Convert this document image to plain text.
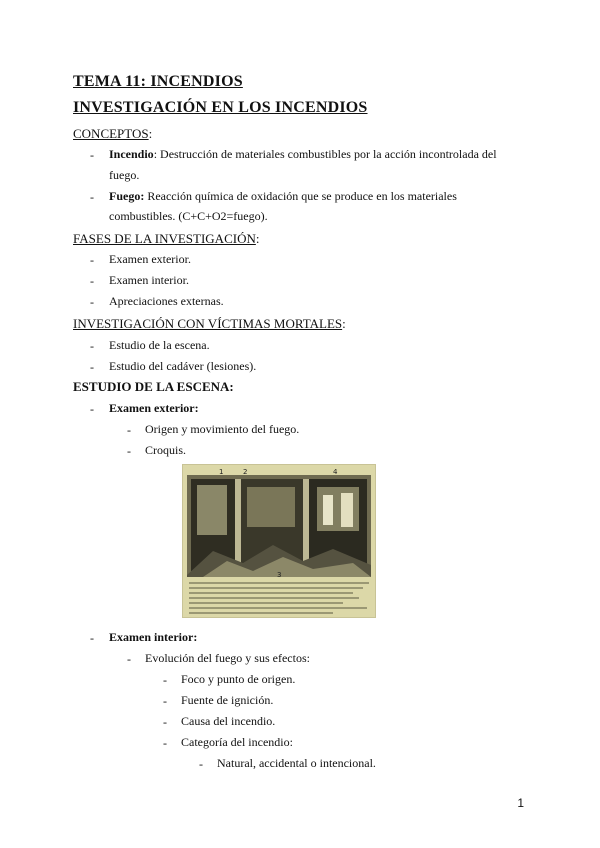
TEMA 11: INCENDIOS
INVESTIGACIÓN EN LOS INCENDIOS
CONCEPTOS:
- Incendio: Destrucción de materiales combustibles por la acción incontrolada del
fuego.
- Fuego: Reacción química de oxidación que se produce en los materiales
combustibles. (C+C+O2=fuego).
FASES DE LA INVESTIGACIÓN:
- Examen exterior.
- Examen interior.
- Apreciaciones externas.
INVESTIGACIÓN CON VÍCTIMAS MORTALES:
- Estudio de la escena.
- Estudio del cadáver (lesiones).
ESTUDIO DE LA ESCENA:
- Examen exterior:
- Origen y movimiento del fuego.
- Croquis.
1	2
3
4
- Examen interior:
- Evolución del fuego y sus efectos:
- Foco y punto de origen.
- Fuente de ignición.
- Causa del incendio.
- Categoría del incendio:
- Natural, accidental o intencional.
1
